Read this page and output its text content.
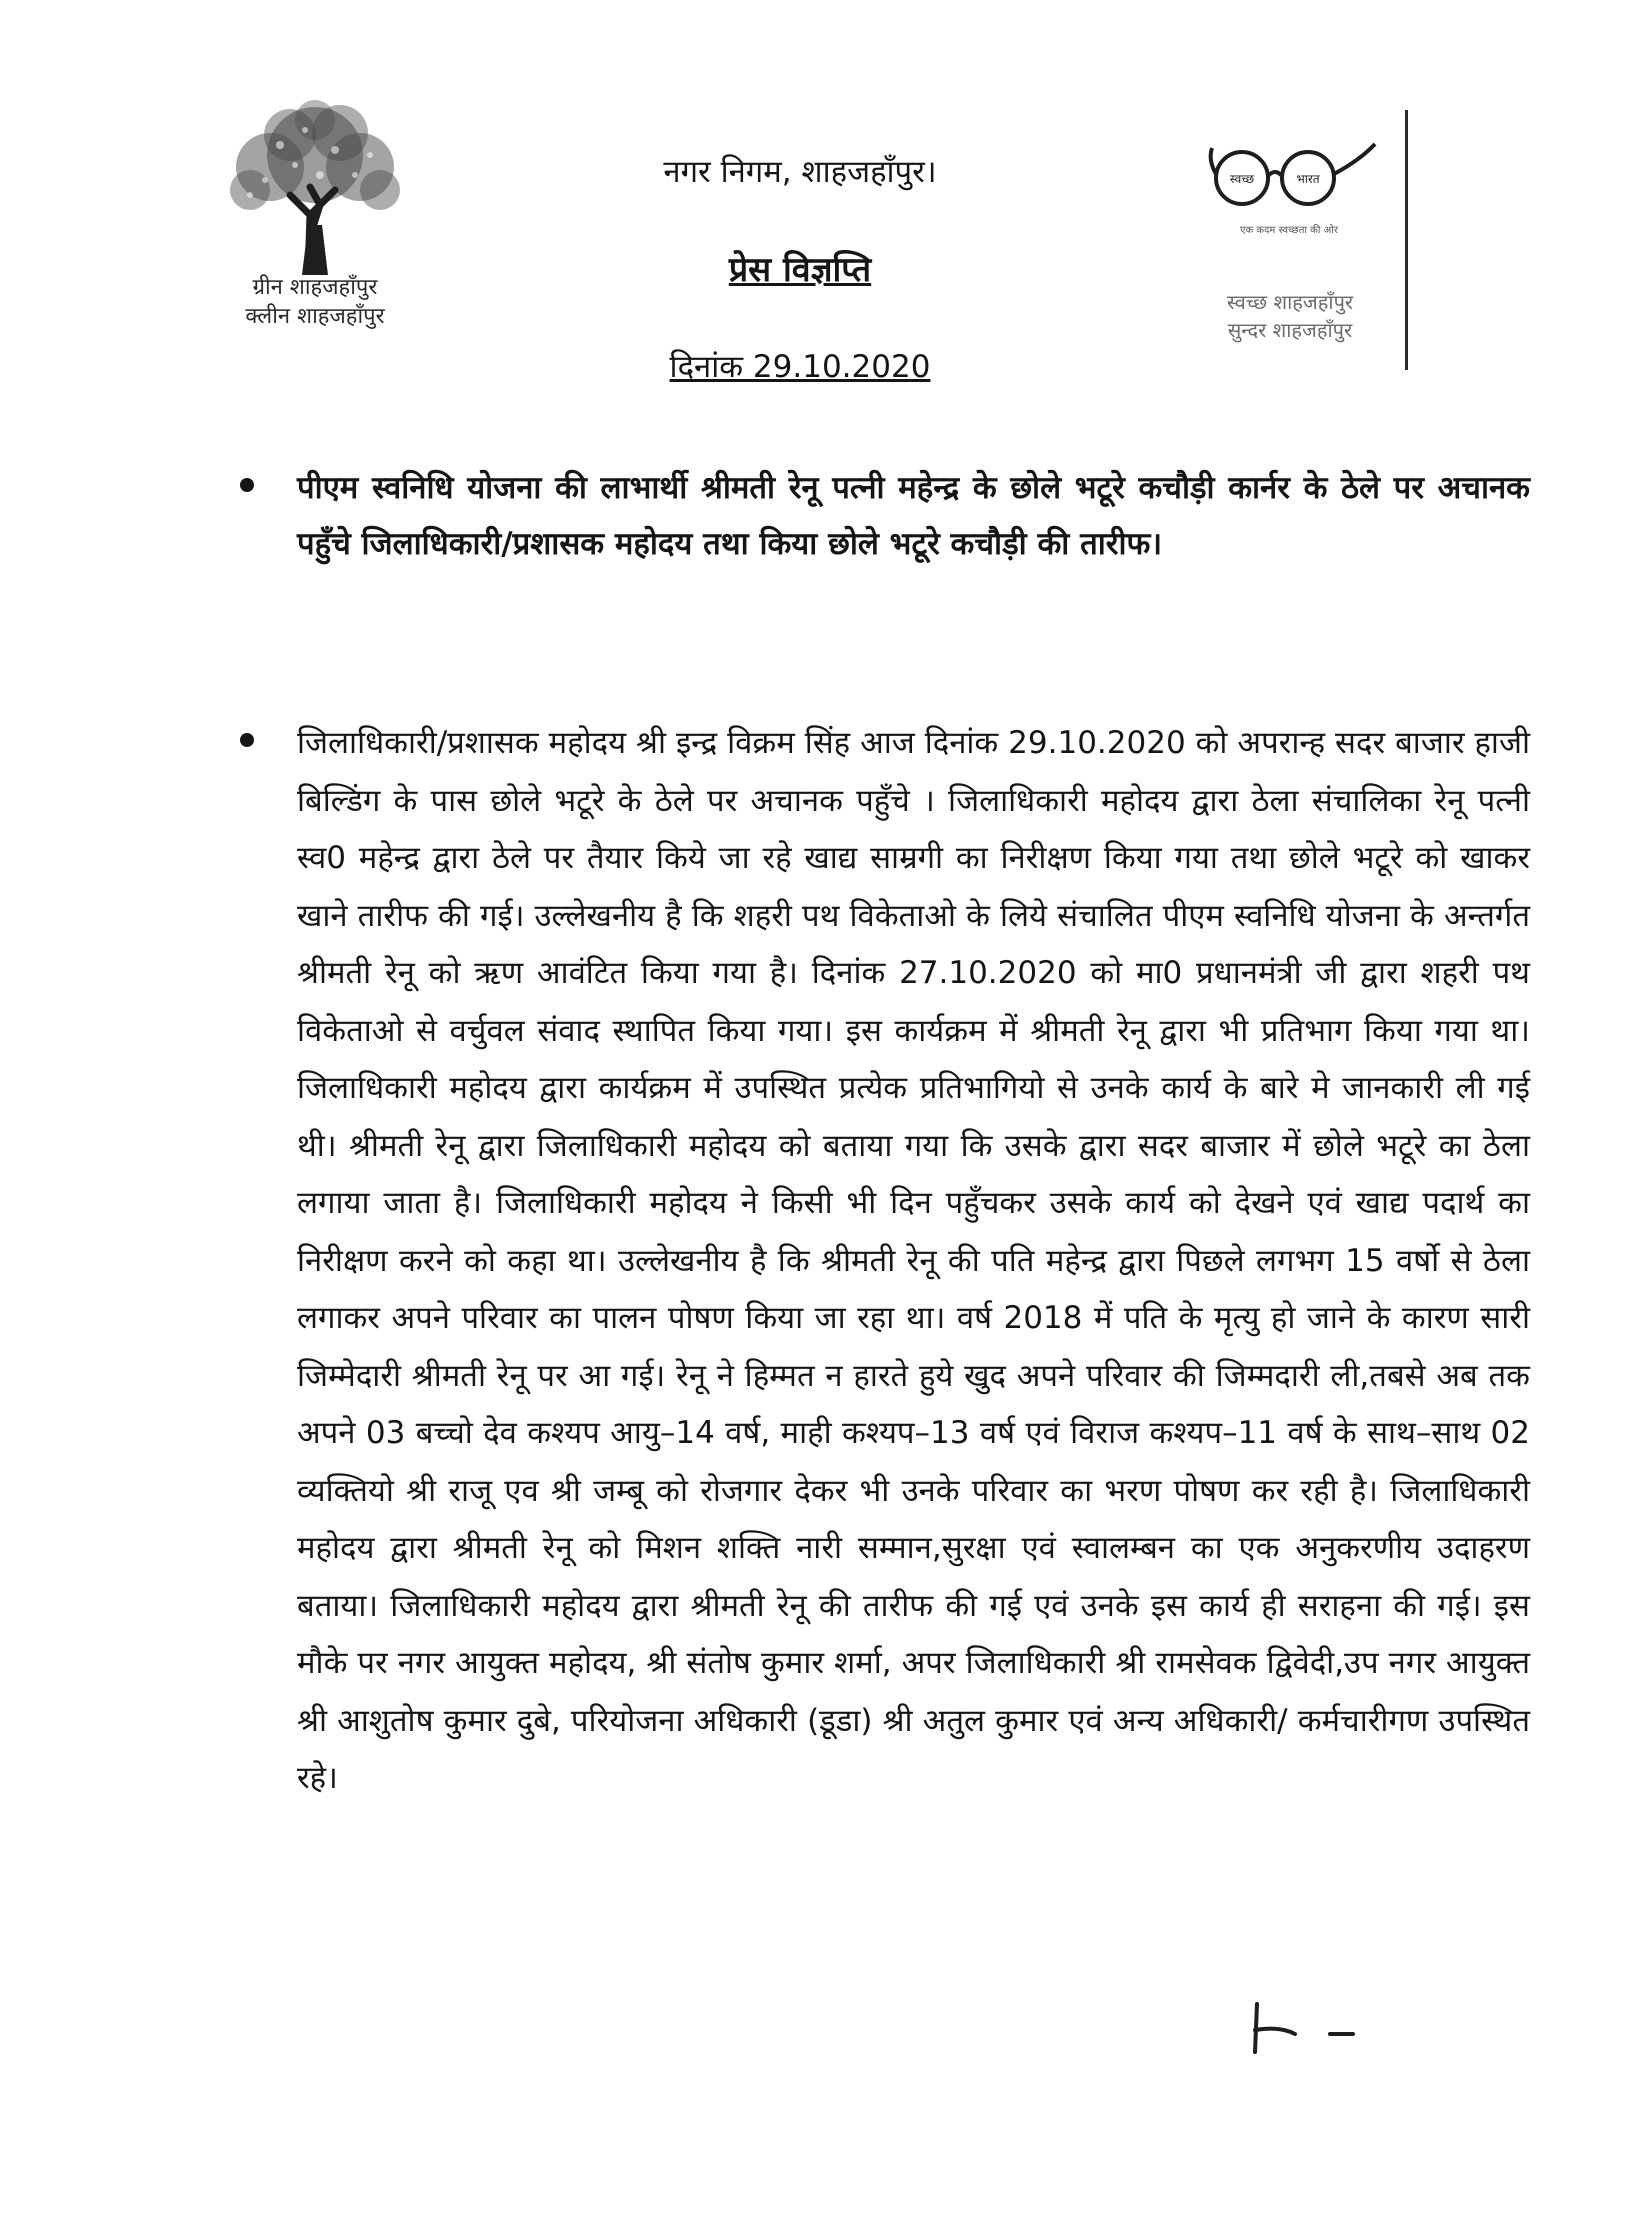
ग्रीन शाहजहाँपुर
क्लीन शाहजहाँपुर
नगर निगम, शाहजहाँपुर।
प्रेस विज्ञप्ति
दिनांक 29.10.2020
स्वच्छ	भारत
एक कदम स्वच्छता की ओर
स्वच्छ शाहजहाँपुर
सुन्दर शाहजहाँपुर
पीएम स्वनिधि योजना की लाभार्थी श्रीमती रेनू पत्नी महेन्द्र के छोले भटूरे कचौड़ी कार्नर के ठेले पर अचानक पहुँचे जिलाधिकारी/प्रशासक महोदय तथा किया छोले भटूरे कचौड़ी की तारीफ।
जिलाधिकारी/प्रशासक महोदय श्री इन्द्र विक्रम सिंह आज दिनांक 29.10.2020 को अपरान्ह सदर बाजार हाजी बिल्डिंग के पास छोले भटूरे के ठेले पर अचानक पहुँचे । जिलाधिकारी महोदय द्वारा ठेला संचालिका रेनू पत्नी स्व0 महेन्द्र द्वारा ठेले पर तैयार किये जा रहे खाद्य साम्रगी का निरीक्षण किया गया तथा छोले भटूरे को खाकर खाने तारीफ की गई। उल्लेखनीय है कि शहरी पथ विकेताओ के लिये संचालित पीएम स्वनिधि योजना के अन्तर्गत श्रीमती रेनू को ऋण आवंटित किया गया है। दिनांक 27.10.2020 को मा0 प्रधानमंत्री जी द्वारा शहरी पथ विकेताओ से वर्चुवल संवाद स्थापित किया गया। इस कार्यक्रम में श्रीमती रेनू द्वारा भी प्रतिभाग किया गया था। जिलाधिकारी महोदय द्वारा कार्यक्रम में उपस्थित प्रत्येक प्रतिभागियो से उनके कार्य के बारे मे जानकारी ली गई थी। श्रीमती रेनू द्वारा जिलाधिकारी महोदय को बताया गया कि उसके द्वारा सदर बाजार में छोले भटूरे का ठेला लगाया जाता है। जिलाधिकारी महोदय ने किसी भी दिन पहुँचकर उसके कार्य को देखने एवं खाद्य पदार्थ का निरीक्षण करने को कहा था। उल्लेखनीय है कि श्रीमती रेनू की पति महेन्द्र द्वारा पिछले लगभग 15 वर्षो से ठेला लगाकर अपने परिवार का पालन पोषण किया जा रहा था। वर्ष 2018 में पति के मृत्यु हो जाने के कारण सारी जिम्मेदारी श्रीमती रेनू पर आ गई। रेनू ने हिम्मत न हारते हुये खुद अपने परिवार की जिम्मदारी ली,तबसे अब तक अपने 03 बच्चो देव कश्यप आयु–14 वर्ष, माही कश्यप–13 वर्ष एवं विराज कश्यप–11 वर्ष के साथ–साथ 02 व्यक्तियो श्री राजू एव श्री जम्बू को रोजगार देकर भी उनके परिवार का भरण पोषण कर रही है। जिलाधिकारी महोदय द्वारा श्रीमती रेनू को मिशन शक्ति नारी सम्मान,सुरक्षा एवं स्वालम्बन का एक अनुकरणीय उदाहरण बताया। जिलाधिकारी महोदय द्वारा श्रीमती रेनू की तारीफ की गई एवं उनके इस कार्य ही सराहना की गई। इस मौके पर नगर आयुक्त महोदय, श्री संतोष कुमार शर्मा, अपर जिलाधिकारी श्री रामसेवक द्विवेदी,उप नगर आयुक्त श्री आशुतोष कुमार दुबे, परियोजना अधिकारी (डूडा) श्री अतुल कुमार एवं अन्य अधिकारी/ कर्मचारीगण उपस्थित रहे।
